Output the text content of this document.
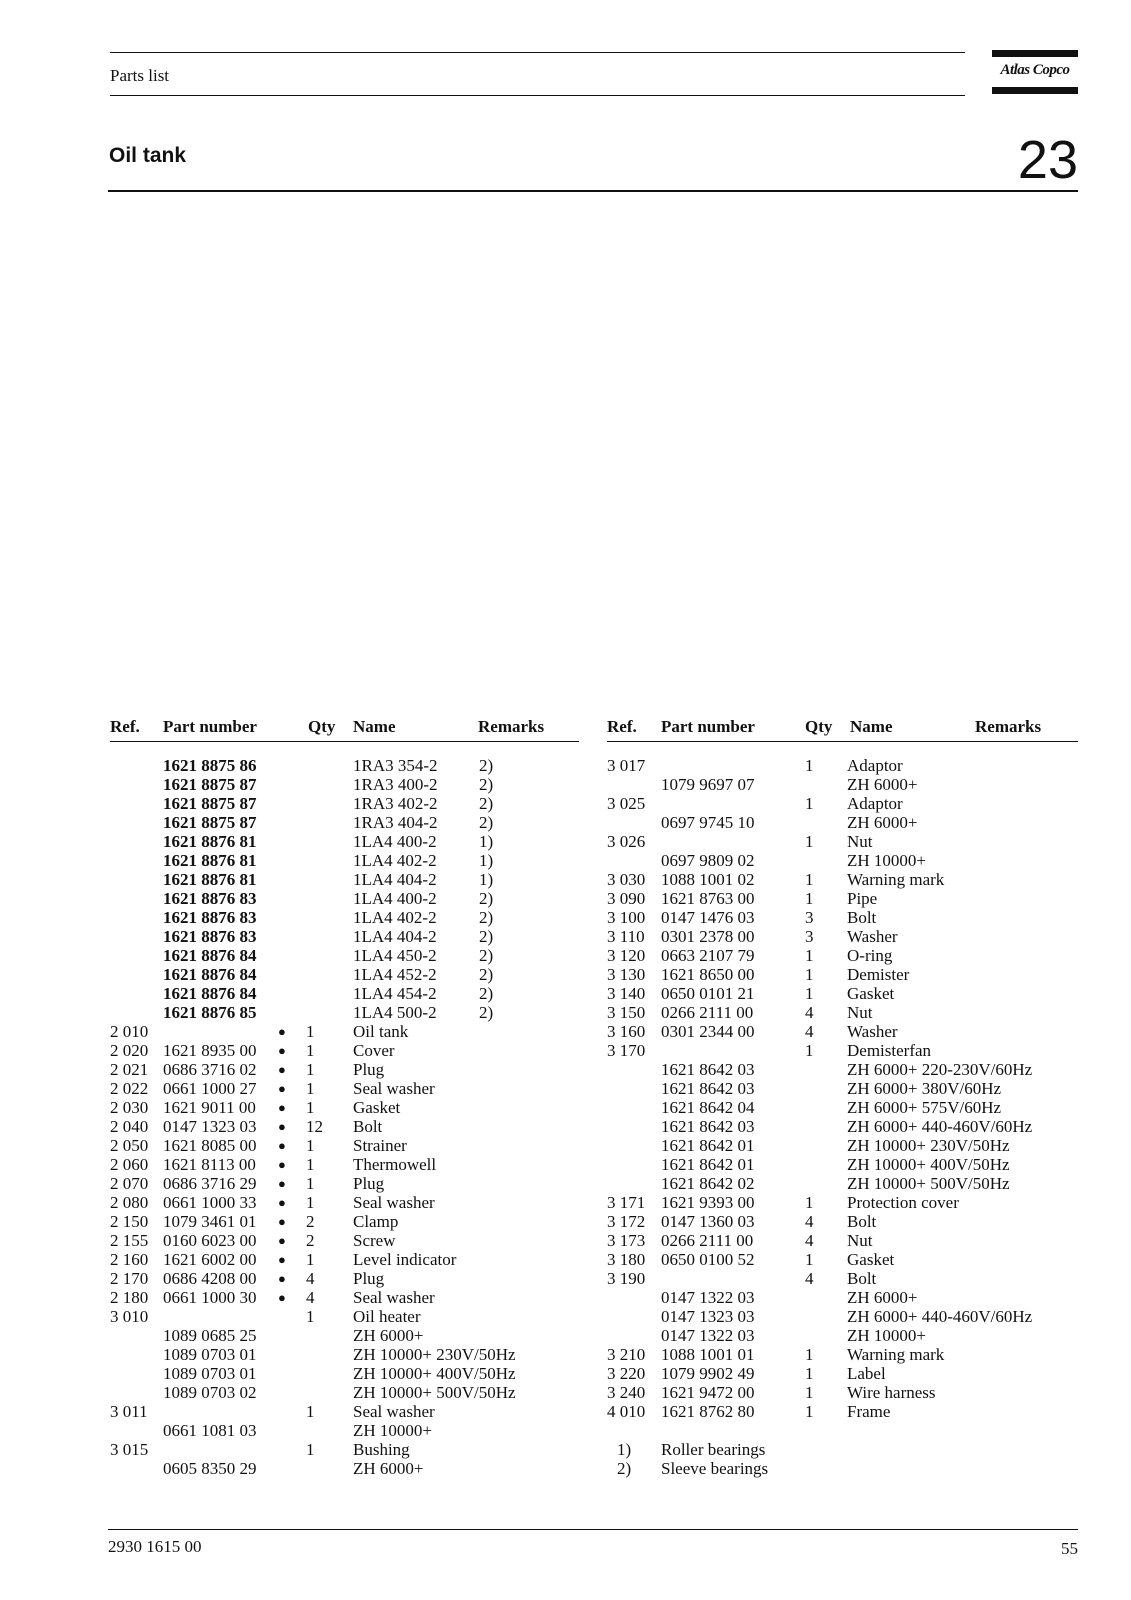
Parts list	Atlas Copco
Oil tank	23
Ref. Part number	Qty Name	Remarks	Ref. Part number	Qty Name	Remarks
1621 8875 86	1RA3 354-2 2)
1621 8875 87	1RA3 400-2 2)
1621 8875 87	1RA3 402-2 2)
1621 8875 87	1RA3 404-2 2)
1621 8876 81	1LA4 400-2 1)
1621 8876 81	1LA4 402-2 1)
1621 8876 81	1LA4 404-2 1)
1621 8876 83	1LA4 400-2 2)
1621 8876 83	1LA4 402-2 2)
1621 8876 83	1LA4 404-2 2)
1621 8876 84	1LA4 450-2 2)
1621 8876 84	1LA4 452-2 2)
1621 8876 84	1LA4 454-2 2)
1621 8876 85	1LA4 500-2 2)
2 010	● 1 Oil tank
2 020 1621 8935 00 ● 1 Cover
2 021 0686 3716 02 ● 1 Plug
2 022 0661 1000 27 ● 1 Seal washer
2 030 1621 9011 00 ● 1 Gasket
2 040 0147 1323 03 ● 12 Bolt
2 050 1621 8085 00 ● 1 Strainer
2 060 1621 8113 00 ● 1 Thermowell
2 070 0686 3716 29 ● 1 Plug
2 080 0661 1000 33 ● 1 Seal washer
2 150 1079 3461 01 ● 2 Clamp
2 155 0160 6023 00 ● 2 Screw
2 160 1621 6002 00 ● 1 Level indicator
2 170 0686 4208 00 ● 4 Plug
2 180 0661 1000 30 ● 4 Seal washer
3 010	1 Oil heater
1089 0685 25	ZH 6000+
1089 0703 01	ZH 10000+ 230V/50Hz
1089 0703 01	ZH 10000+ 400V/50Hz
1089 0703 02	ZH 10000+ 500V/50Hz
3 011	1 Seal washer
0661 1081 03	ZH 10000+
3 015	1 Bushing
0605 8350 29	ZH 6000+
3 017	1 Adaptor
1079 9697 07	ZH 6000+
3 025	1 Adaptor
0697 9745 10	ZH 6000+
3 026	1 Nut
0697 9809 02	ZH 10000+
3 030 1088 1001 02	1 Warning mark
3 090 1621 8763 00	1 Pipe
3 100 0147 1476 03	3 Bolt
3 110 0301 2378 00	3 Washer
3 120 0663 2107 79	1 O-ring
3 130 1621 8650 00	1 Demister
3 140 0650 0101 21	1 Gasket
3 150 0266 2111 00	4 Nut
3 160 0301 2344 00	4 Washer
3 170	1 Demisterfan
1621 8642 03	ZH 6000+ 220-230V/60Hz
1621 8642 03	ZH 6000+ 380V/60Hz
1621 8642 04	ZH 6000+ 575V/60Hz
1621 8642 03	ZH 6000+ 440-460V/60Hz
1621 8642 01	ZH 10000+ 230V/50Hz
1621 8642 01	ZH 10000+ 400V/50Hz
1621 8642 02	ZH 10000+ 500V/50Hz
3 171 1621 9393 00	1 Protection cover
3 172 0147 1360 03	4 Bolt
3 173 0266 2111 00	4 Nut
3 180 0650 0100 52	1 Gasket
3 190	4 Bolt
0147 1322 03	ZH 6000+
0147 1323 03	ZH 6000+ 440-460V/60Hz
0147 1322 03	ZH 10000+
3 210 1088 1001 01	1 Warning mark
3 220 1079 9902 49	1 Label
3 240 1621 9472 00	1 Wire harness
4 010 1621 8762 80	1 Frame
1) Roller bearings
2) Sleeve bearings
2930 1615 00	55
